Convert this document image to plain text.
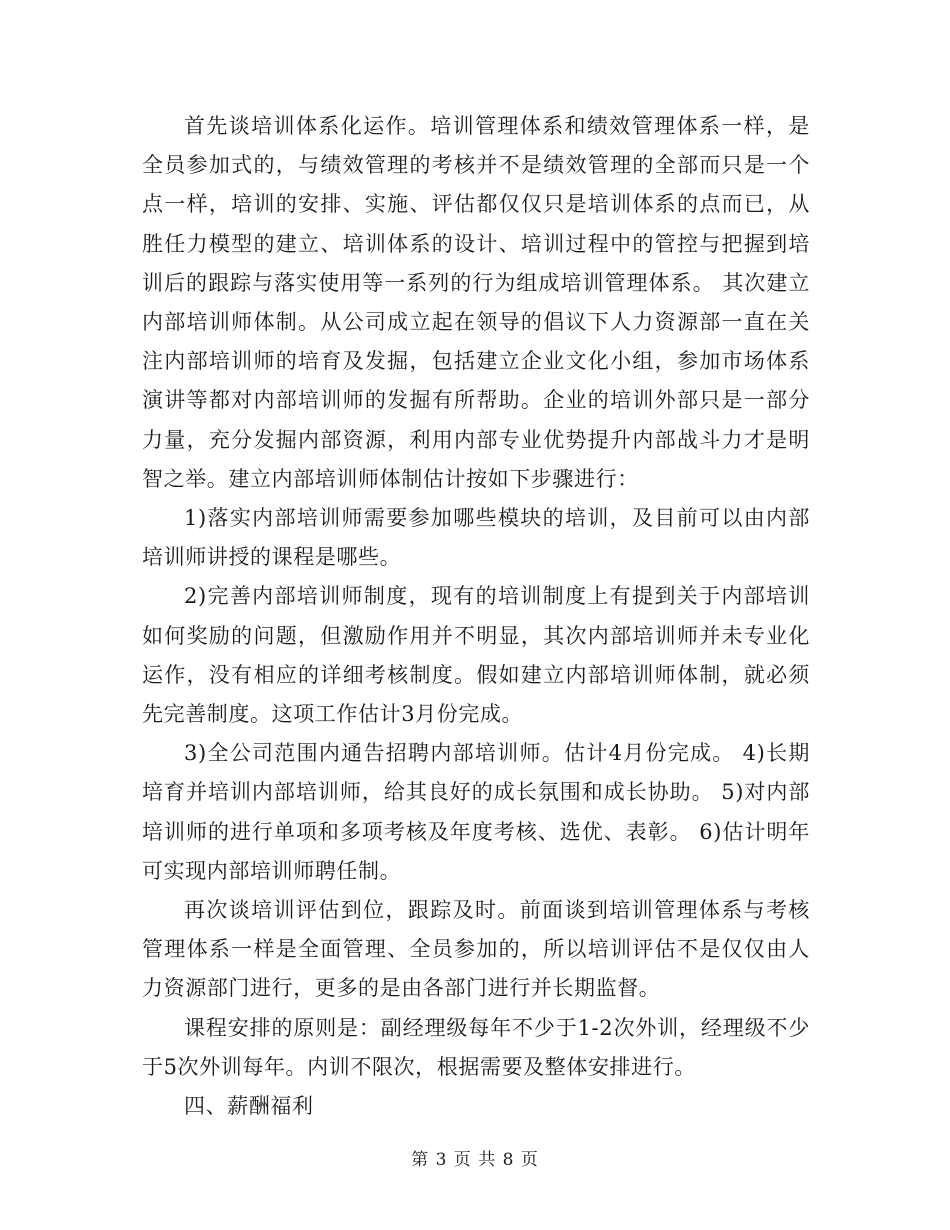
首先谈培训体系化运作。培训管理体系和绩效管理体系一样，是全员参加式的，与绩效管理的考核并不是绩效管理的全部而只是一个点一样，培训的安排、实施、评估都仅仅只是培训体系的点而已，从胜任力模型的建立、培训体系的设计、培训过程中的管控与把握到培训后的跟踪与落实使用等一系列的行为组成培训管理体系。 其次建立内部培训师体制。从公司成立起在领导的倡议下人力资源部一直在关注内部培训师的培育及发掘，包括建立企业文化小组，参加市场体系演讲等都对内部培训师的发掘有所帮助。企业的培训外部只是一部分力量，充分发掘内部资源，利用内部专业优势提升内部战斗力才是明智之举。建立内部培训师体制估计按如下步骤进行：

1)落实内部培训师需要参加哪些模块的培训，及目前可以由内部培训师讲授的课程是哪些。

2)完善内部培训师制度，现有的培训制度上有提到关于内部培训如何奖励的问题，但激励作用并不明显，其次内部培训师并未专业化运作，没有相应的详细考核制度。假如建立内部培训师体制，就必须先完善制度。这项工作估计3月份完成。

3)全公司范围内通告招聘内部培训师。估计4月份完成。 4)长期培育并培训内部培训师，给其良好的成长氛围和成长协助。 5)对内部培训师的进行单项和多项考核及年度考核、选优、表彰。 6)估计明年可实现内部培训师聘任制。

再次谈培训评估到位，跟踪及时。前面谈到培训管理体系与考核管理体系一样是全面管理、全员参加的，所以培训评估不是仅仅由人力资源部门进行，更多的是由各部门进行并长期监督。

课程安排的原则是：副经理级每年不少于1-2次外训，经理级不少于5次外训每年。内训不限次，根据需要及整体安排进行。

四、薪酬福利

第 3 页 共 8 页
